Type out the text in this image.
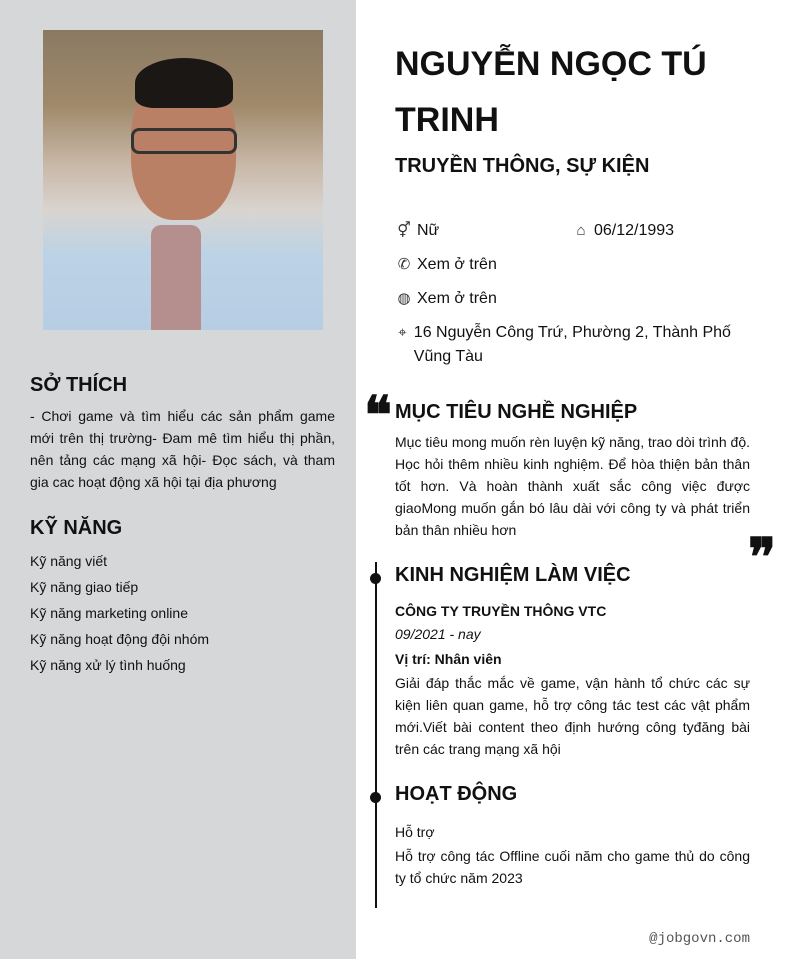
SỞ THÍCH
- Chơi game và tìm hiểu các sản phẩm game mới trên thị trường- Đam mê tìm hiểu thị phần, nên tảng các mạng xã hội- Đọc sách, và tham gia cac hoạt động xã hội tại địa phương
KỸ NĂNG
Kỹ năng viết
Kỹ năng giao tiếp
Kỹ năng marketing online
Kỹ năng hoạt động đội nhóm
Kỹ năng xử lý tình huống
NGUYỄN NGỌC TÚ TRINH
TRUYỀN THÔNG, SỰ KIỆN
⚥ Nữ	⌂ 06/12/1993
✆ Xem ở trên
◍ Xem ở trên
⌖ 16 Nguyễn Công Trứ, Phường 2, Thành Phố Vũng Tàu
❝ MỤC TIÊU NGHỀ NGHIỆP
Mục tiêu mong muốn rèn luyện kỹ năng, trao dòi trình độ. Học hỏi thêm nhiều kinh nghiệm. Để hòa thiện bản thân tốt hơn. Và hoàn thành xuất sắc công việc được giaoMong muốn gắn bó lâu dài với công ty và phát triển bản thân nhiều hơn	❞
KINH NGHIỆM LÀM VIỆC
CÔNG TY TRUYỀN THÔNG VTC
09/2021 - nay
Vị trí: Nhân viên
Giải đáp thắc mắc về game, vận hành tổ chức các sự kiện liên quan game, hỗ trợ công tác test các vật phẩm mới.Viết bài content theo định hướng công tyđăng bài trên các trang mạng xã hội
HOẠT ĐỘNG
Hỗ trợ
Hỗ trợ công tác Offline cuối năm cho game thủ do công ty tổ chức năm 2023
@jobgovn.com
